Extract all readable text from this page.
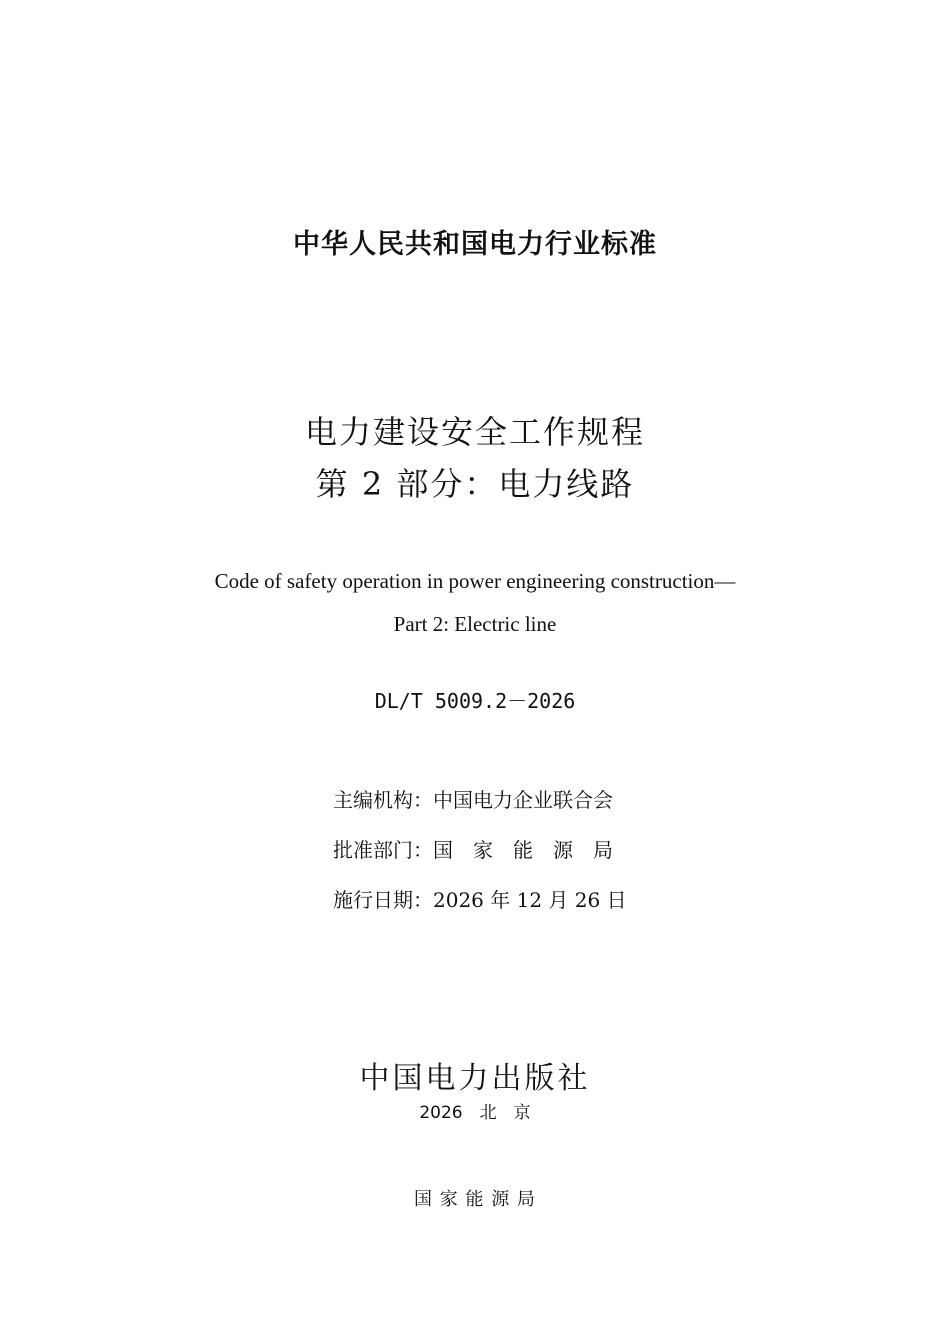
中华人民共和国电力行业标准
电力建设安全工作规程
第 2 部分：电力线路
Code of safety operation in power engineering construction—
Part 2: Electric line
DL/T 5009.2－2026
主编机构：中国电力企业联合会
批准部门：国　家　能　源　局
施行日期：2026 年 12 月 26 日
中国电力出版社
2026　北　京
国 家 能 源 局
